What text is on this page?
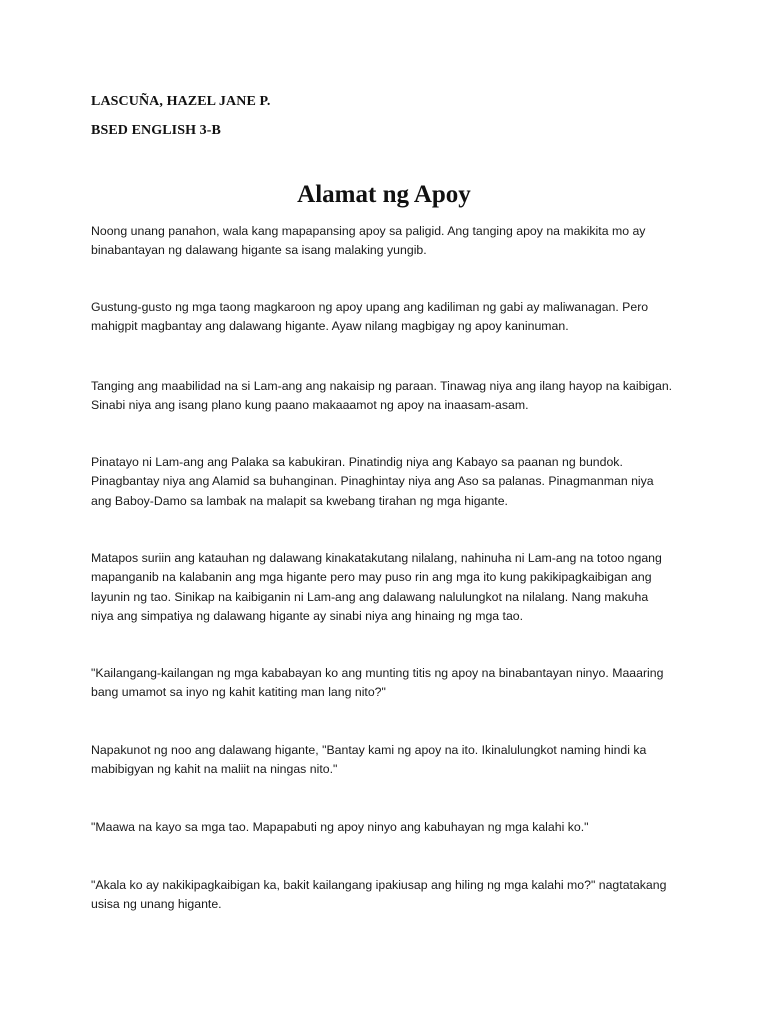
LASCUÑA, HAZEL JANE P.
BSED ENGLISH 3-B
Alamat ng Apoy

Noong unang panahon, wala kang mapapansing apoy sa paligid. Ang tanging apoy na makikita mo ay
binabantayan ng dalawang higante sa isang malaking yungib.

Gustung-gusto ng mga taong magkaroon ng apoy upang ang kadiliman ng gabi ay maliwanagan. Pero
mahigpit magbantay ang dalawang higante. Ayaw nilang magbigay ng apoy kaninuman.

Tanging ang maabilidad na si Lam-ang ang nakaisip ng paraan. Tinawag niya ang ilang hayop na kaibigan.
Sinabi niya ang isang plano kung paano makaaamot ng apoy na inaasam-asam.

Pinatayo ni Lam-ang ang Palaka sa kabukiran. Pinatindig niya ang Kabayo sa paanan ng bundok.
Pinagbantay niya ang Alamid sa buhanginan. Pinaghintay niya ang Aso sa palanas. Pinagmanman niya
ang Baboy-Damo sa lambak na malapit sa kwebang tirahan ng mga higante.

Matapos suriin ang katauhan ng dalawang kinakatakutang nilalang, nahinuha ni Lam-ang na totoo ngang
mapanganib na kalabanin ang mga higante pero may puso rin ang mga ito kung pakikipagkaibigan ang
layunin ng tao. Sinikap na kaibiganin ni Lam-ang ang dalawang nalulungkot na nilalang. Nang makuha
niya ang simpatiya ng dalawang higante ay sinabi niya ang hinaing ng mga tao.

"Kailangang-kailangan ng mga kababayan ko ang munting titis ng apoy na binabantayan ninyo. Maaaring
bang umamot sa inyo ng kahit katiting man lang nito?"

Napakunot ng noo ang dalawang higante, "Bantay kami ng apoy na ito. Ikinalulungkot naming hindi ka
mabibigyan ng kahit na maliit na ningas nito."

"Maawa na kayo sa mga tao. Mapapabuti ng apoy ninyo ang kabuhayan ng mga kalahi ko."

"Akala ko ay nakikipagkaibigan ka, bakit kailangang ipakiusap ang hiling ng mga kalahi mo?" nagtatakang
usisa ng unang higante.
